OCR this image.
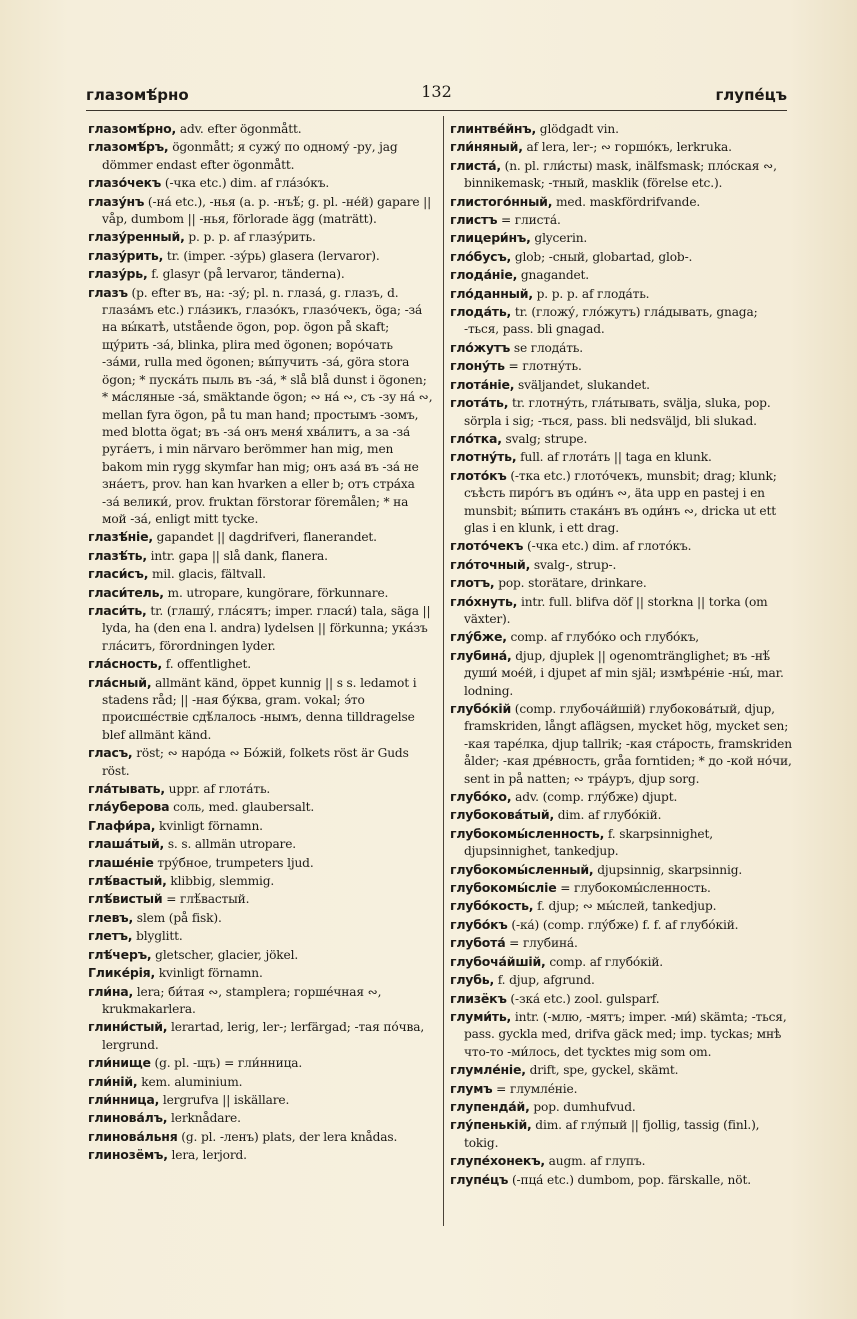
глазомѣ́рно	132	глупе́цъ

глазомѣ́рно, adv. efter ögonmått.

глазомѣ́ръ, ögonmått; я сужу́ по одному́ -ру, jag dömmer endast efter ögonmått.

глазо́чекъ (-чка etc.) dim. af гла́зо́къ.

глазу́нъ (-на́ etc.), -нья (a. p. -нъѣ́; g. pl. -не́й) gapare || våp, dumbom || -нья, förlorade ägg (maträtt).

глазу́ренный, p. p. p. af глазу́рить.

глазу́рить, tr. (imper. -зу́рь) glasera (lervaror).

глазу́рь, f. glasyr (på lervaror, tänderna).

глазъ (p. efter въ, на: -зу́; pl. n. глаза́, g. глазъ, d. глаза́мъ etc.) гла́зикъ, глазо́къ, глазо́чекъ, öga; -за́ на вы́катѣ, utstående ögon, pop. ögon på skaft; щу́рить -за́, blinka, plira med ögonen; воро́чать -за́ми, rulla med ögonen; вы́пучить -за́, göra stora ögon; * пуска́ть пыль въ -за́, * slå blå dunst i ögonen; * ма́сляные -за́, smäktande ögon; ∾ на́ ∾, съ -зу на́ ∾, mellan fyra ögon, på tu man hand; простымъ -зомъ, med blotta ögat; въ -за́ онъ меня́ хва́литъ, а за -за́ руга́етъ, i min närvaro berömmer han mig, men bakom min rygg skymfar han mig; онъ аза́ въ -за́ не зна́етъ, prov. han kan hvarken a eller b; отъ стра́ха -за́ велики́, prov. fruktan förstorar föremålen; * на мой -за́, enligt mitt tycke.

глазѣ́ніе, gapandet || dagdrifveri, flanerandet.

глазѣ́ть, intr. gapa || slå dank, flanera.

гласи́съ, mil. glacis, fältvall.

гласи́тель, m. utropare, kungörare, förkunnare.

гласи́ть, tr. (глашу́, гла́сятъ; imper. гласи́) tala, säga || lyda, ha (den ena l. andra) lydelsen || förkunna; ука́зъ гла́ситъ, förordningen lyder.

гла́сность, f. offentlighet.

гла́сный, allmänt känd, öppet kunnig || s s. ledamot i stadens råd; || -ная бу́ква, gram. vokal; э́то происше́ствіе сдѣ́лалось -нымъ, denna tilldragelse blef allmänt känd.

гласъ, röst; ∾ наро́да ∾ Бо́жій, folkets röst är Guds röst.

гла́тывать, uppr. af глота́ть.

гла́уберова соль, med. glaubersalt.

Глафи́ра, kvinligt förnamn.

глаша́тый, s. s. allmän utropare.

глаше́ніе тру́бное, trumpeters ljud.

глѣ́вастый, klibbig, slemmig.

глѣ́вистый = глѣ́вастый.

глевъ, slem (på fisk).

глетъ, blyglitt.

глѣ́черъ, gletscher, glacier, jökel.

Глике́рія, kvinligt förnamn.

гли́на, lera; би́тая ∾, stamplera; горше́чная ∾, krukmakarlera.

глини́стый, lerartad, lerig, ler-; lerfärgad; -тая по́чва, lergrund.

гли́нище (g. pl. -щъ) = гли́нница.

гли́ній, kem. aluminium.

гли́нница, lergrufva || iskällare.

глинова́лъ, lerknådare.

глинова́льня (g. pl. -ленъ) plats, der lera knådas.

глинозёмъ, lera, lerjord.

глинтве́йнъ, glödgadt vin.

гли́няный, af lera, ler-; ∾ горшо́къ, lerkruka.

глиста́, (n. pl. гли́сты) mask, inälfsmask; пло́ская ∾, binnikemask; -тный, masklik (förelse etc.).

глистого́нный, med. maskfördrifvande.

глистъ = глиста́.

глицери́нъ, glycerin.

гло́бусъ, glob; -сный, globartad, glob-.

глода́ніе, gnagandet.

гло́данный, p. p. p. af глода́ть.

глода́ть, tr. (гложу́, гло́жутъ) гла́дывать, gnaga; -ться, pass. bli gnagad.

гло́жутъ se глода́ть.

глону́ть = глотну́ть.

глота́ніе, sväljandet, slukandet.

глота́ть, tr. глотну́ть, гла́тывать, svälja, sluka, pop. sörpla i sig; -ться, pass. bli nedsväljd, bli slukad.

гло́тка, svalg; strupe.

глотну́ть, full. af глота́ть || taga en klunk.

глото́къ (-тка etc.) глото́чекъ, munsbit; drag; klunk; съѣсть пиро́гъ въ оди́нъ ∾, äta upp en pastej i en munsbit; вы́пить стака́нъ въ оди́нъ ∾, dricka ut ett glas i en klunk, i ett drag.

глото́чекъ (-чка etc.) dim. af глото́къ.

гло́точный, svalg-, strup-.

глотъ, pop. storätare, drinkare.

гло́хнуть, intr. full. blifva döf || storkna || torka (om växter).

глу́бже, comp. af глубо́ко och глубо́къ,

глубина́, djup, djuplek || ogenomtränglighet; въ -нѣ́ души́ мое́й, i djupet af min själ; измѣре́ніе -ны́, mar. lodning.

глубо́кій (comp. глубоча́йшій) глубокова́тый, djup, framskriden, långt aflägsen, mycket hög, mycket sen; -кая таре́лка, djup tallrik; -кая ста́рость, framskriden ålder; -кая дре́вность, gråa forntiden; * до -кой но́чи, sent in på natten; ∾ тра́уръ, djup sorg.

глубо́ко, adv. (comp. глу́бже) djupt.

глубокова́тый, dim. af глубо́кій.

глубокомы́сленность, f. skarpsinnighet, djupsinnighet, tankedjup.

глубокомы́сленный, djupsinnig, skarpsinnig.

глубокомы́сліе = глубокомы́сленность.

глубо́кость, f. djup; ∾ мы́слей, tankedjup.

глубо́къ (-ка́) (comp. глу́бже) f. f. af глубо́кій.

глубота́ = глубина́.

глубоча́йшій, comp. af глубо́кій.

глубь, f. djup, afgrund.

глизёкъ (-зка́ etc.) zool. gulsparf.

глуми́ть, intr. (-млю, -мятъ; imper. -ми́) skämta; -ться, pass. gyckla med, drifva gäck med; imp. tyckas; мнѣ что-то -ми́лось, det tycktes mig som om.

глумле́ніе, drift, spe, gyckel, skämt.

глумъ = глумле́ніе.

глупенда́й, pop. dumhufvud.

глу́пенькій, dim. af глу́пый || fjollig, tassig (finl.), tokig.

глупе́хонекъ, augm. af глупъ.

глупе́цъ (-пца́ etc.) dumbom, pop. färskalle, nöt.
